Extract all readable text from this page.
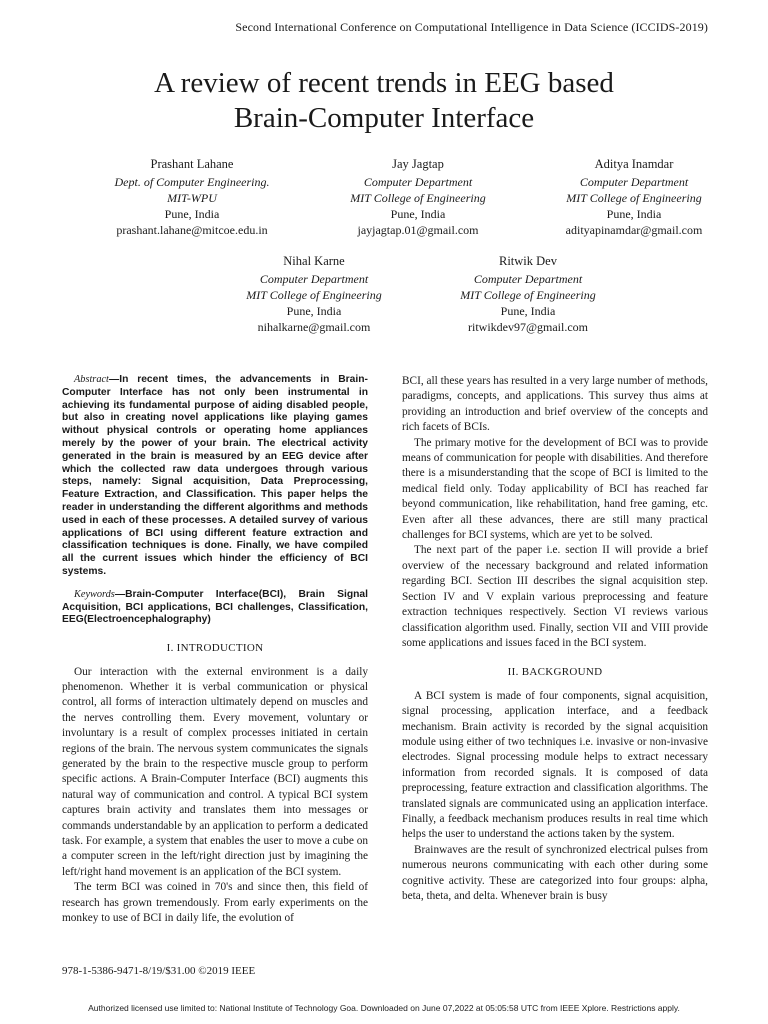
Second International Conference on Computational Intelligence in Data Science (ICCIDS-2019)
A review of recent trends in EEG based
Brain-Computer Interface
Prashant Lahane
Dept. of Computer Engineering.
MIT-WPU
Pune, India
prashant.lahane@mitcoe.edu.in
Jay Jagtap
Computer Department
MIT College of Engineering
Pune, India
jayjagtap.01@gmail.com
Aditya Inamdar
Computer Department
MIT College of Engineering
Pune, India
adityapinamdar@gmail.com
Nihal Karne
Computer Department
MIT College of Engineering
Pune, India
nihalkarne@gmail.com
Ritwik Dev
Computer Department
MIT College of Engineering
Pune, India
ritwikdev97@gmail.com

Abstract—In recent times, the advancements in Brain-Computer Interface has not only been instrumental in achieving its fundamental purpose of aiding disabled people, but also in creating novel applications like playing games without physical controls or operating home appliances merely by the power of your brain. The electrical activity generated in the brain is measured by an EEG device after which the collected raw data undergoes through various steps, namely: Signal acquisition, Data Preprocessing, Feature Extraction, and Classification. This paper helps the reader in understanding the different algorithms and methods used in each of these processes. A detailed survey of various applications of BCI using different feature extraction and classification techniques is done. Finally, we have compiled all the current issues which hinder the efficiency of BCI systems.

Keywords—Brain-Computer Interface(BCI), Brain Signal Acquisition, BCI applications, BCI challenges, Classification, EEG(Electroencephalography)

I. INTRODUCTION

Our interaction with the external environment is a daily phenomenon. Whether it is verbal communication or physical control, all forms of interaction ultimately depend on muscles and the nerves controlling them. Every movement, voluntary or involuntary is a result of complex processes initiated in certain regions of the brain. The nervous system communicates the signals generated by the brain to the respective muscle group to perform specific actions. A Brain-Computer Interface (BCI) augments this natural way of communication and control. A typical BCI system captures brain activity and translates them into messages or commands understandable by an application to perform a dedicated task. For example, a system that enables the user to move a cube on a computer screen in the left/right direction just by imagining the left/right hand movement is an application of the BCI system.

The term BCI was coined in 70's and since then, this field of research has grown tremendously. From early experiments on the monkey to use of BCI in daily life, the evolution of

BCI, all these years has resulted in a very large number of methods, paradigms, concepts, and applications. This survey thus aims at providing an introduction and brief overview of the concepts and rich facets of BCIs.

The primary motive for the development of BCI was to provide means of communication for people with disabilities. And therefore there is a misunderstanding that the scope of BCI is limited to the medical field only. Today applicability of BCI has reached far beyond communication, like rehabilitation, hand free gaming, etc. Even after all these advances, there are still many practical challenges for BCI systems, which are yet to be solved.

The next part of the paper i.e. section II will provide a brief overview of the necessary background and related information regarding BCI. Section III describes the signal acquisition step. Section IV and V explain various preprocessing and feature extraction techniques respectively. Section VI reviews various classification algorithm used. Finally, section VII and VIII provide some applications and issues faced in the BCI system.

II. BACKGROUND

A BCI system is made of four components, signal acquisition, signal processing, application interface, and a feedback mechanism. Brain activity is recorded by the signal acquisition module using either of two techniques i.e. invasive or non-invasive electrodes. Signal processing module helps to extract necessary information from recorded signals. It is composed of data preprocessing, feature extraction and classification algorithms. The translated signals are communicated using an application interface. Finally, a feedback mechanism produces results in real time which helps the user to understand the actions taken by the system.

Brainwaves are the result of synchronized electrical pulses from numerous neurons communicating with each other during some cognitive activity. These are categorized into four groups: alpha, beta, theta, and delta. Whenever brain is busy

978-1-5386-9471-8/19/$31.00 ©2019 IEEE
Authorized licensed use limited to: National Institute of Technology Goa. Downloaded on June 07,2022 at 05:05:58 UTC from IEEE Xplore. Restrictions apply.
